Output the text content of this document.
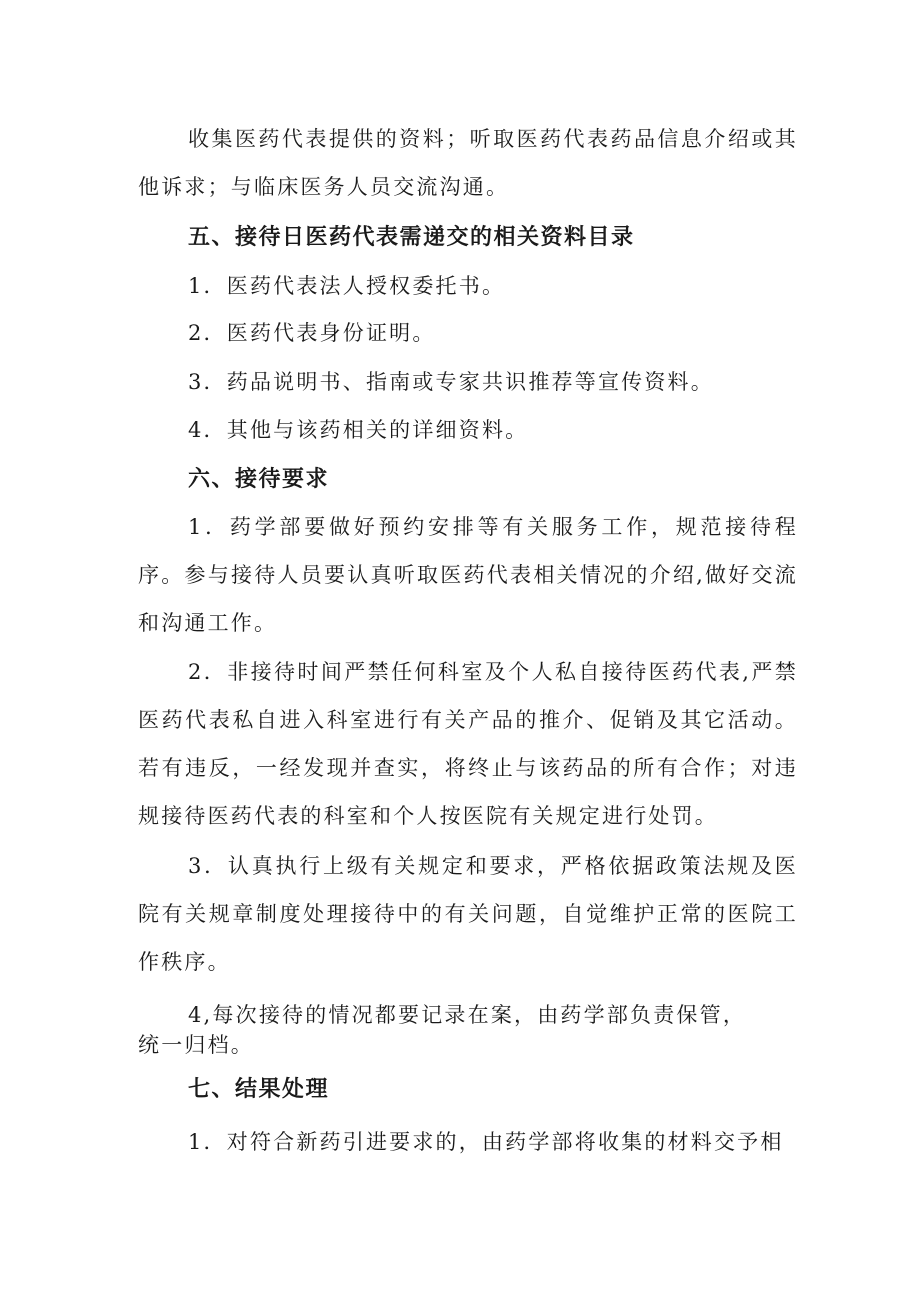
收集医药代表提供的资料；听取医药代表药品信息介绍或其他诉求；与临床医务人员交流沟通。

五、接待日医药代表需递交的相关资料目录

1．医药代表法人授权委托书。

2．医药代表身份证明。

3．药品说明书、指南或专家共识推荐等宣传资料。

4．其他与该药相关的详细资料。

六、接待要求

1．药学部要做好预约安排等有关服务工作，规范接待程序。参与接待人员要认真听取医药代表相关情况的介绍,做好交流和沟通工作。

2．非接待时间严禁任何科室及个人私自接待医药代表,严禁医药代表私自进入科室进行有关产品的推介、促销及其它活动。若有违反，一经发现并查实，将终止与该药品的所有合作；对违规接待医药代表的科室和个人按医院有关规定进行处罚。

3．认真执行上级有关规定和要求，严格依据政策法规及医院有关规章制度处理接待中的有关问题，自觉维护正常的医院工作秩序。

4,每次接待的情况都要记录在案，由药学部负责保管，

统一归档。

七、结果处理

1．对符合新药引进要求的，由药学部将收集的材料交予相
